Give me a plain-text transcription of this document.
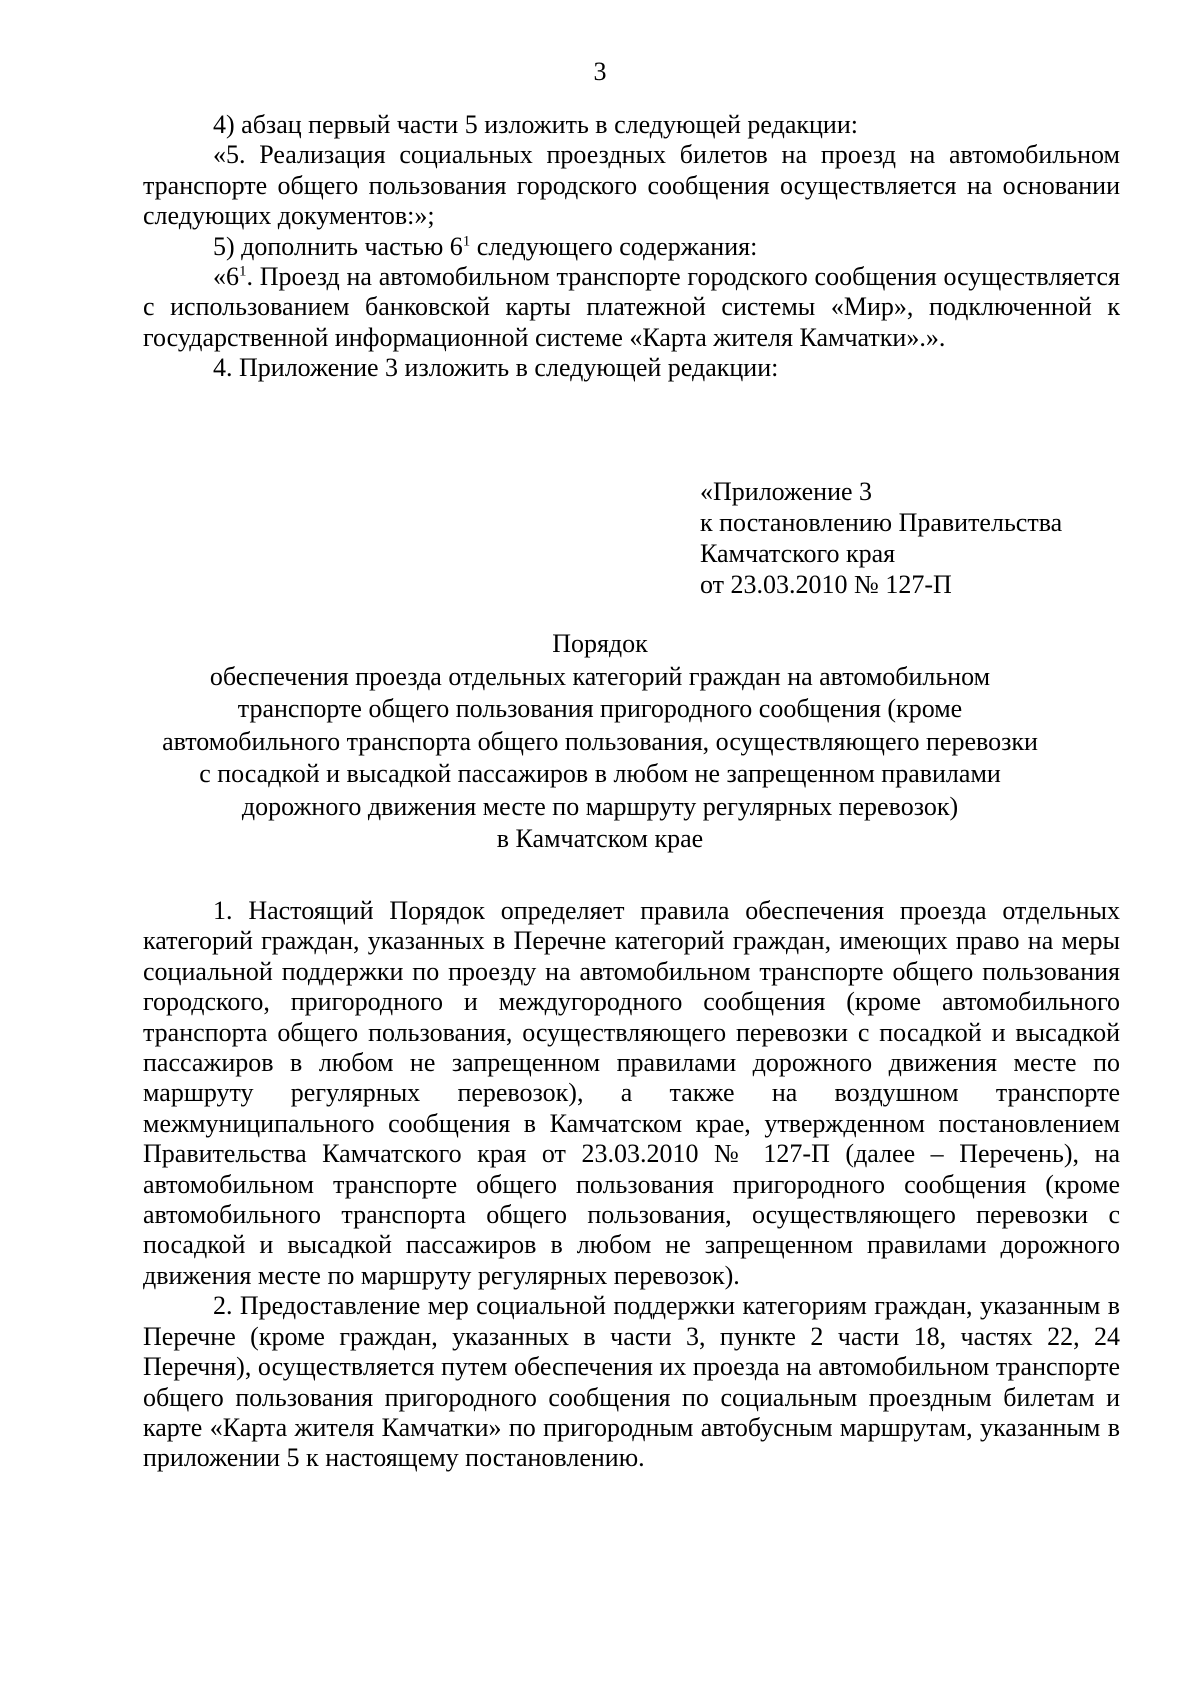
3

4) абзац первый части 5 изложить в следующей редакции:

«5. Реализация социальных проездных билетов на проезд на автомобильном транспорте общего пользования городского сообщения осуществляется на основании следующих документов:»;

5) дополнить частью $6^1$ следующего содержания:

«$6^1$. Проезд на автомобильном транспорте городского сообщения осуществляется с использованием банковской карты платежной системы «Мир», подключенной к государственной информационной системе «Карта жителя Камчатки».».

4. Приложение 3 изложить в следующей редакции:

«Приложение 3
к постановлению Правительства
Камчатского края
от 23.03.2010 № 127-П
Порядок
обеспечения проезда отдельных категорий граждан на автомобильном
транспорте общего пользования пригородного сообщения (кроме
автомобильного транспорта общего пользования, осуществляющего перевозки
с посадкой и высадкой пассажиров в любом не запрещенном правилами
дорожного движения месте по маршруту регулярных перевозок)
в Камчатском крае

1. Настоящий Порядок определяет правила обеспечения проезда отдельных категорий граждан, указанных в Перечне категорий граждан, имеющих право на меры социальной поддержки по проезду на автомобильном транспорте общего пользования городского, пригородного и междугородного сообщения (кроме автомобильного транспорта общего пользования, осуществляющего перевозки с посадкой и высадкой пассажиров в любом не запрещенном правилами дорожного движения месте по маршруту регулярных перевозок), а также на воздушном транспорте межмуниципального сообщения в Камчатском крае, утвержденном постановлением Правительства Камчатского края от 23.03.2010 № 127-П (далее – Перечень), на автомобильном транспорте общего пользования пригородного сообщения (кроме автомобильного транспорта общего пользования, осуществляющего перевозки с посадкой и высадкой пассажиров в любом не запрещенном правилами дорожного движения месте по маршруту регулярных перевозок).

2. Предоставление мер социальной поддержки категориям граждан, указанным в Перечне (кроме граждан, указанных в части 3, пункте 2 части 18, частях 22, 24 Перечня), осуществляется путем обеспечения их проезда на автомобильном транспорте общего пользования пригородного сообщения по социальным проездным билетам и карте «Карта жителя Камчатки» по пригородным автобусным маршрутам, указанным в приложении 5 к настоящему постановлению.
